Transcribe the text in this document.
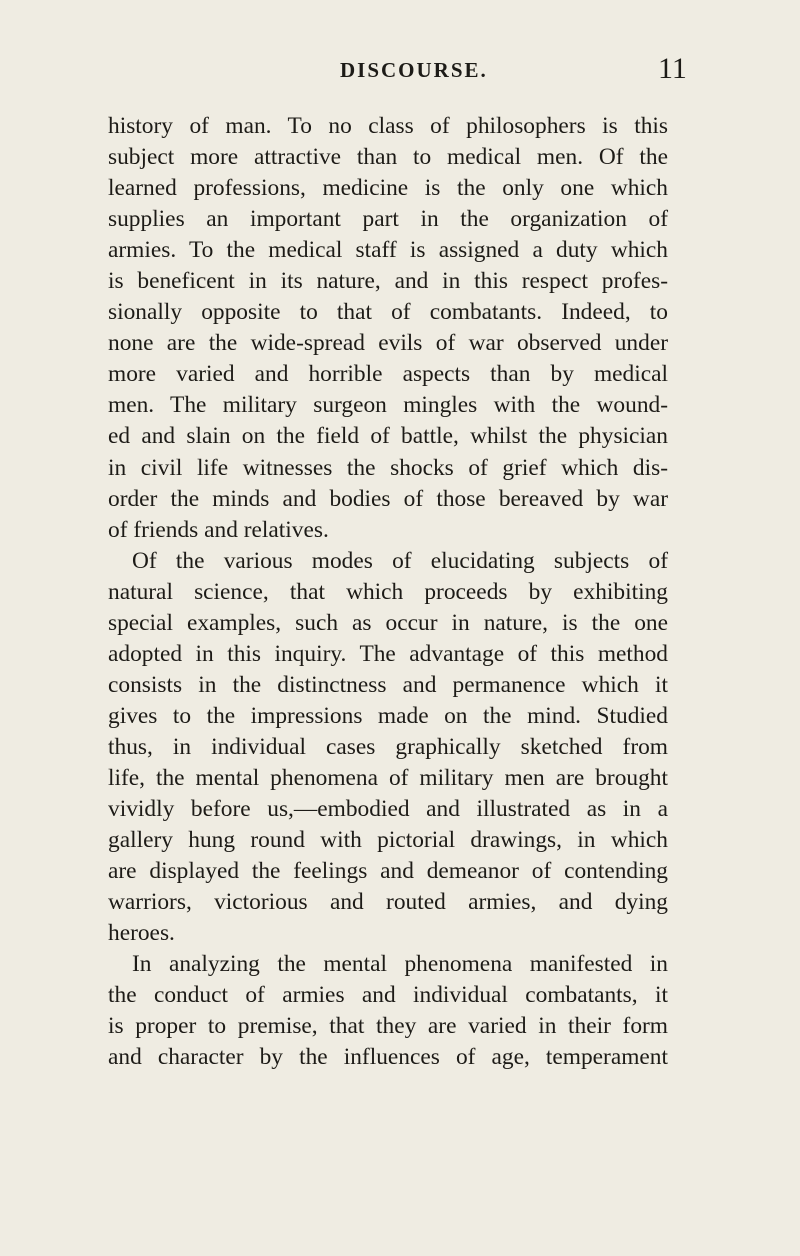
DISCOURSE.	11
history of man. To no class of philosophers is this
subject more attractive than to medical men. Of the
learned professions, medicine is the only one which
supplies an important part in the organization of
armies. To the medical staff is assigned a duty which
is beneficent in its nature, and in this respect profes-
sionally opposite to that of combatants. Indeed, to
none are the wide-spread evils of war observed under
more varied and horrible aspects than by medical
men. The military surgeon mingles with the wound-
ed and slain on the field of battle, whilst the physician
in civil life witnesses the shocks of grief which dis-
order the minds and bodies of those bereaved by war
of friends and relatives.
Of the various modes of elucidating subjects of
natural science, that which proceeds by exhibiting
special examples, such as occur in nature, is the one
adopted in this inquiry. The advantage of this method
consists in the distinctness and permanence which it
gives to the impressions made on the mind. Studied
thus, in individual cases graphically sketched from
life, the mental phenomena of military men are brought
vividly before us,—embodied and illustrated as in a
gallery hung round with pictorial drawings, in which
are displayed the feelings and demeanor of contending
warriors, victorious and routed armies, and dying
heroes.
In analyzing the mental phenomena manifested in
the conduct of armies and individual combatants, it
is proper to premise, that they are varied in their form
and character by the influences of age, temperament
